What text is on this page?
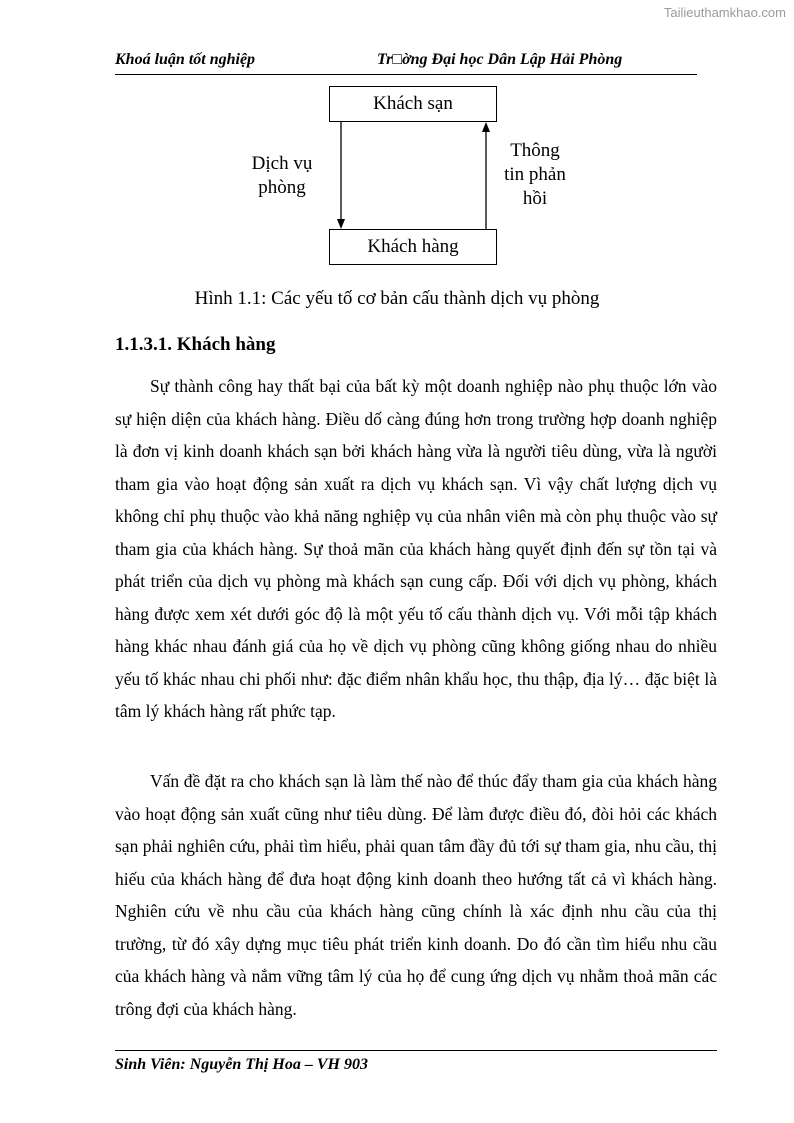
Tailieuthamkhao.com
Khoá luận tốt nghiệp	Tr□ờng Đại học Dân Lập Hải Phòng
Khách sạn
Khách hàng
Dịch vụ
phòng
Thông
tin phản
hồi
Hình 1.1: Các yếu tố cơ bản cấu thành dịch vụ phòng
1.1.3.1. Khách hàng

Sự thành công hay thất bại của bất kỳ một doanh nghiệp nào phụ thuộc lớn vào sự hiện diện của khách hàng. Điều dố càng đúng hơn trong trường hợp doanh nghiệp là đơn vị kinh doanh khách sạn bởi khách hàng vừa là người tiêu dùng, vừa là người tham gia vào hoạt động sản xuất ra dịch vụ khách sạn. Vì vậy chất lượng dịch vụ không chỉ phụ thuộc vào khả năng nghiệp vụ của nhân viên mà còn phụ thuộc vào sự tham gia của khách hàng. Sự thoả mãn của khách hàng quyết định đến sự tồn tại và phát triển của dịch vụ phòng mà khách sạn cung cấp. Đối với dịch vụ phòng, khách hàng được xem xét dưới góc độ là một yếu tố cấu thành dịch vụ. Với mỗi tập khách hàng khác nhau đánh giá của họ về dịch vụ phòng cũng không giống nhau do nhiều yếu tố khác nhau chi phối như: đặc điểm nhân khẩu học, thu thập, địa lý… đặc biệt là tâm lý khách hàng rất phức tạp.

Vấn đề đặt ra cho khách sạn là làm thế nào để thúc đẩy tham gia của khách hàng vào hoạt động sản xuất cũng như tiêu dùng. Để làm được điều đó, đòi hỏi các khách sạn phải nghiên cứu, phải tìm hiểu, phải quan tâm đầy đủ tới sự tham gia, nhu cầu, thị hiếu của khách hàng để đưa hoạt động kinh doanh theo hướng tất cả vì khách hàng. Nghiên cứu về nhu cầu của khách hàng cũng chính là xác định nhu cầu của thị trường, từ đó xây dựng mục tiêu phát triển kinh doanh. Do đó cần tìm hiểu nhu cầu của khách hàng và nắm vững tâm lý của họ để cung ứng dịch vụ nhằm thoả mãn các trông đợi của khách hàng.

Sinh Viên: Nguyễn Thị Hoa – VH 903
